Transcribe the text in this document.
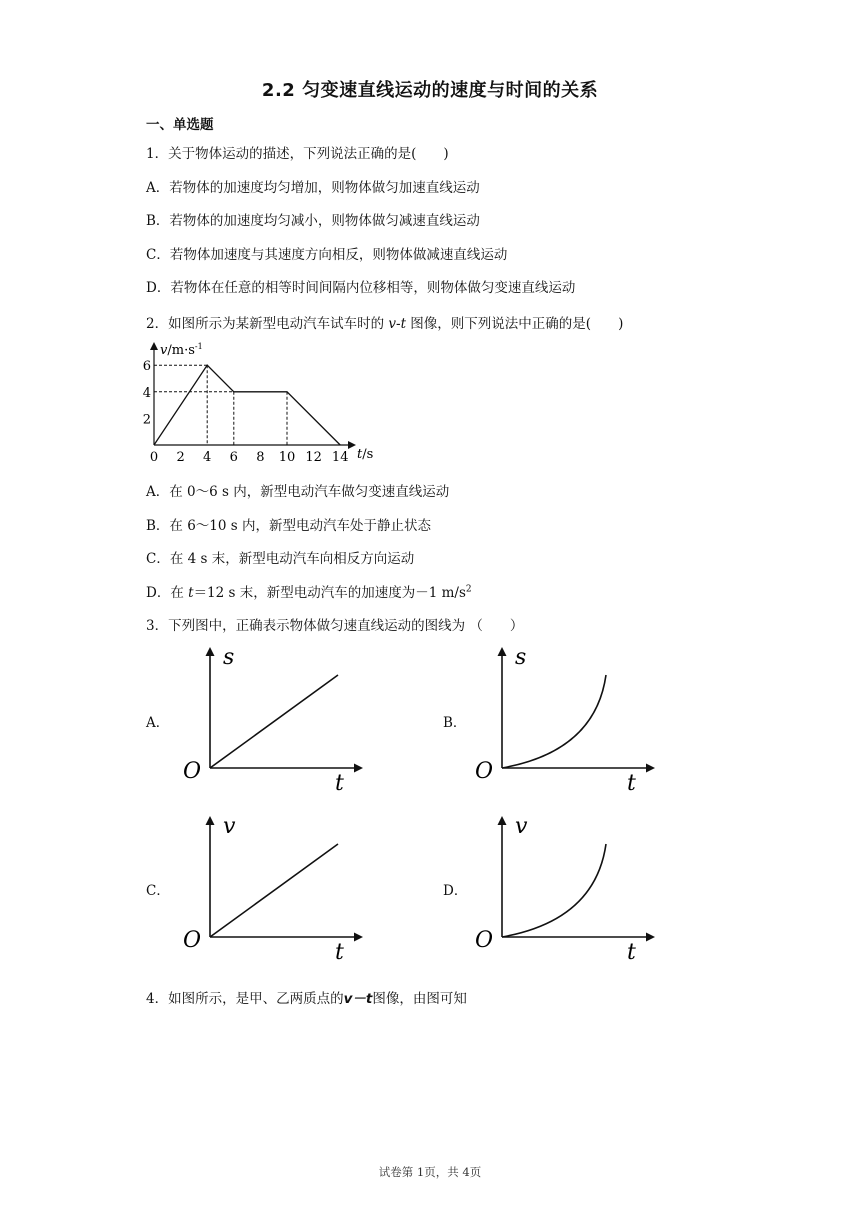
2.2 匀变速直线运动的速度与时间的关系
一、单选题
1．关于物体运动的描述，下列说法正确的是(　　)
A．若物体的加速度均匀增加，则物体做匀加速直线运动
B．若物体的加速度均匀减小，则物体做匀减速直线运动
C．若物体加速度与其速度方向相反，则物体做减速直线运动
D．若物体在任意的相等时间间隔内位移相等，则物体做匀变速直线运动
2．如图所示为某新型电动汽车试车时的 v-t 图像，则下列说法中正确的是(　　)
0 2 4 6 8 10 12 14
2
4
6
$v/m\cdot s^{-1}$
t/s
s
t
O
s
t
O
v
t
O
v
t
O
A．在 0～6 s 内，新型电动汽车做匀变速直线运动
B．在 6～10 s 内，新型电动汽车处于静止状态
C．在 4 s 末，新型电动汽车向相反方向运动
D．在 t＝12 s 末，新型电动汽车的加速度为－1 $m/s^2$
3．下列图中，正确表示物体做匀速直线运动的图线为 （　　）
A．	B．
C．	D．
4．如图所示，是甲、乙两质点的v－t图像，由图可知
试卷第 1页，共 4页
